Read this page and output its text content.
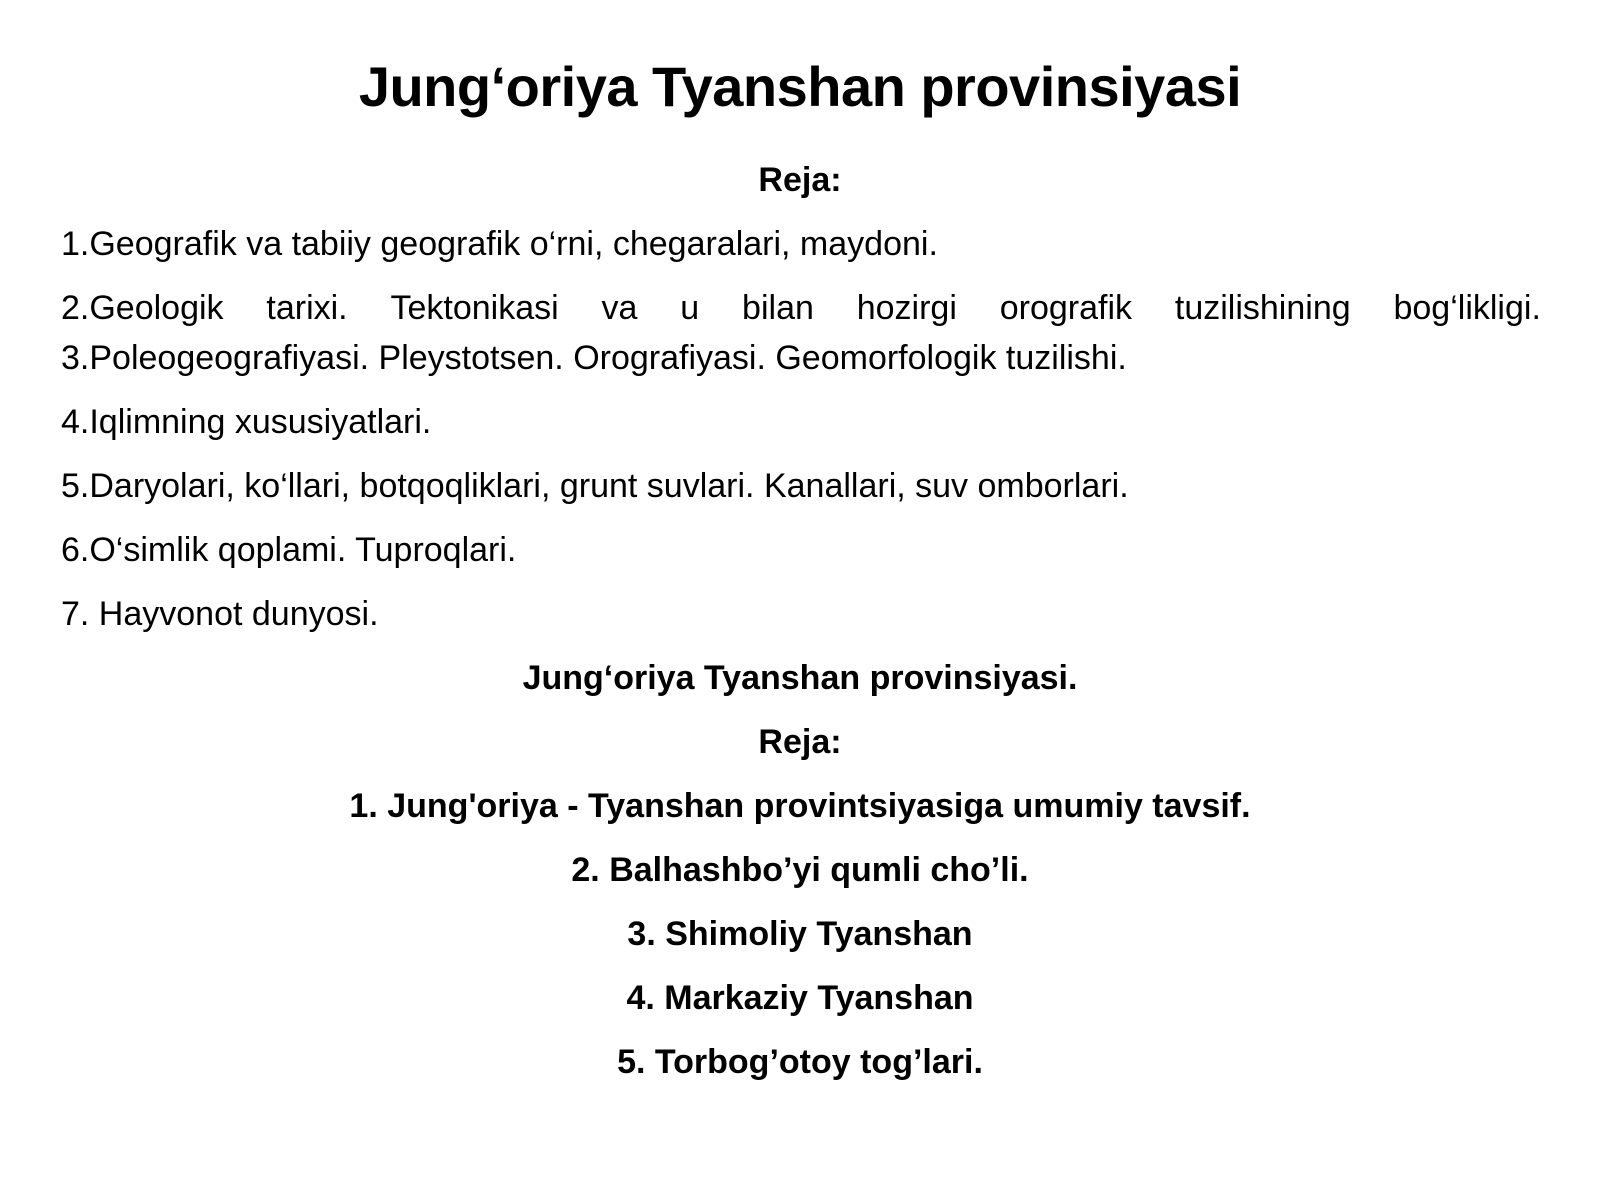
Jung‘oriya Tyanshan provinsiyasi
Reja:
1.Geografik va tabiiy geografik o‘rni, chegaralari, maydoni.
2.Geologik tarixi. Tektonikasi va u bilan hozirgi orografik tuzilishining bog‘likligi.
3.Poleogeografiyasi. Pleystotsen. Orografiyasi. Geomorfologik tuzilishi.
4.Iqlimning xususiyatlari.
5.Daryolari, ko‘llari, botqoqliklari, grunt suvlari. Kanallari, suv omborlari.
6.O‘simlik qoplami. Tuproqlari.
7. Hayvonot dunyosi.
Jung‘oriya Tyanshan provinsiyasi.
Reja:
1. Jung'oriya - Tyanshan provintsiyasiga umumiy tavsif.
2. Balhashbo’yi qumli cho’li.
3. Shimoliy Tyanshan
4. Markaziy Tyanshan
5. Torbog’otoy tog’lari.
